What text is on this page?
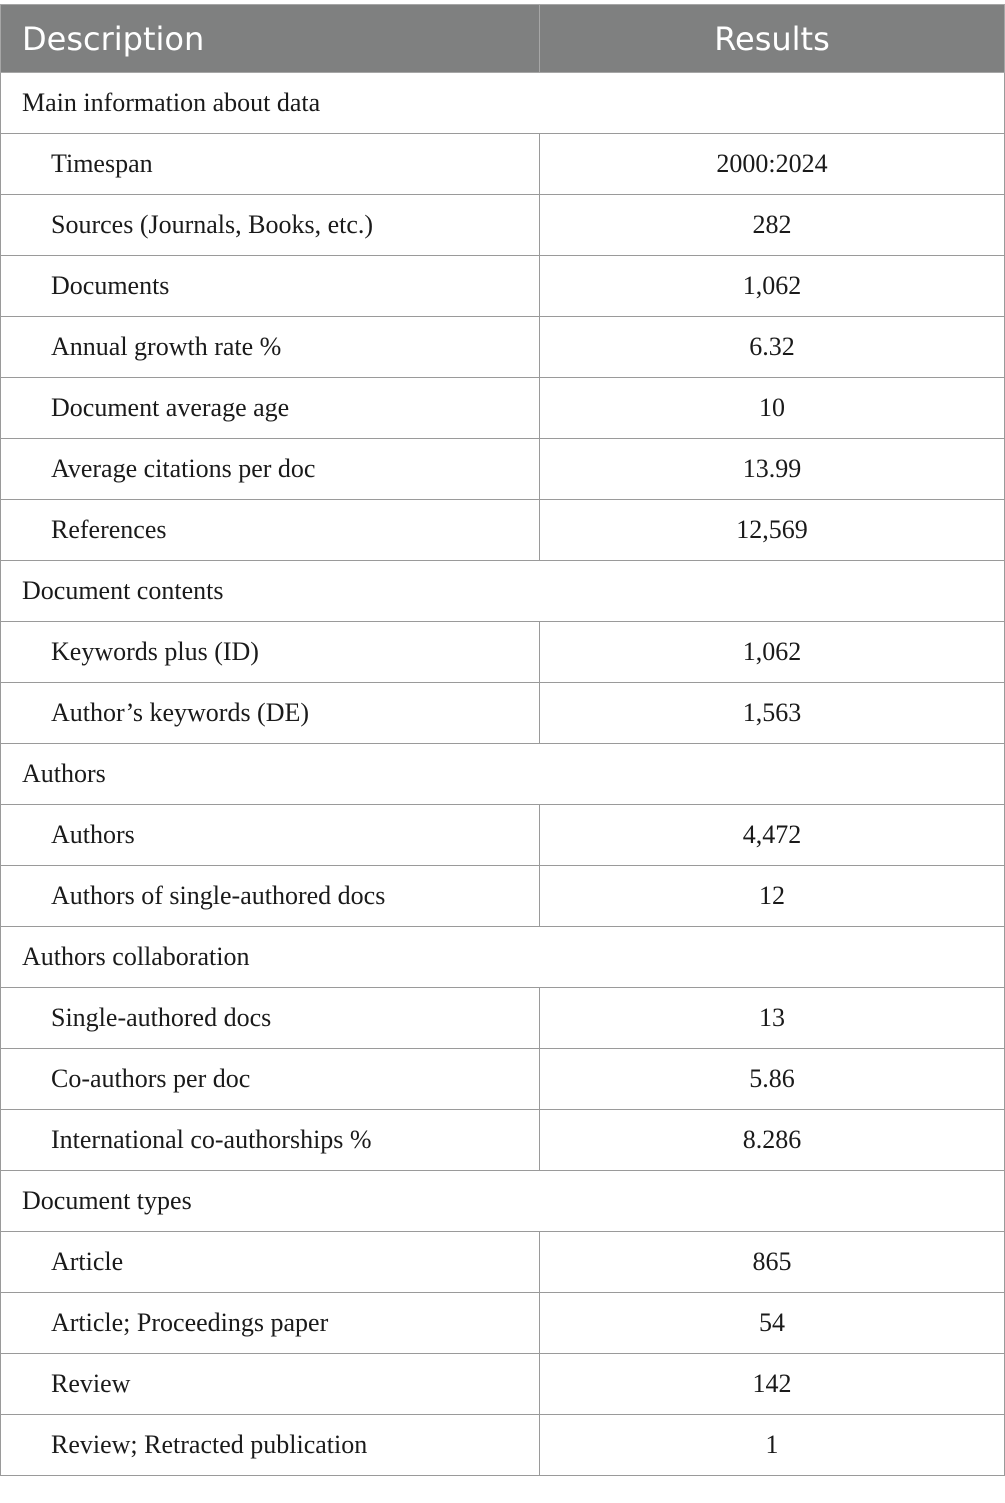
Description	Results
Main information about data	
Timespan	2000:2024
Sources (Journals, Books, etc.)	282
Documents	1,062
Annual growth rate %	6.32
Document average age	10
Average citations per doc	13.99
References	12,569
Document contents	
Keywords plus (ID)	1,062
Author’s keywords (DE)	1,563
Authors	
Authors	4,472
Authors of single-authored docs	12
Authors collaboration	
Single-authored docs	13
Co-authors per doc	5.86
International co-authorships %	8.286
Document types	
Article	865
Article; Proceedings paper	54
Review	142
Review; Retracted publication	1
